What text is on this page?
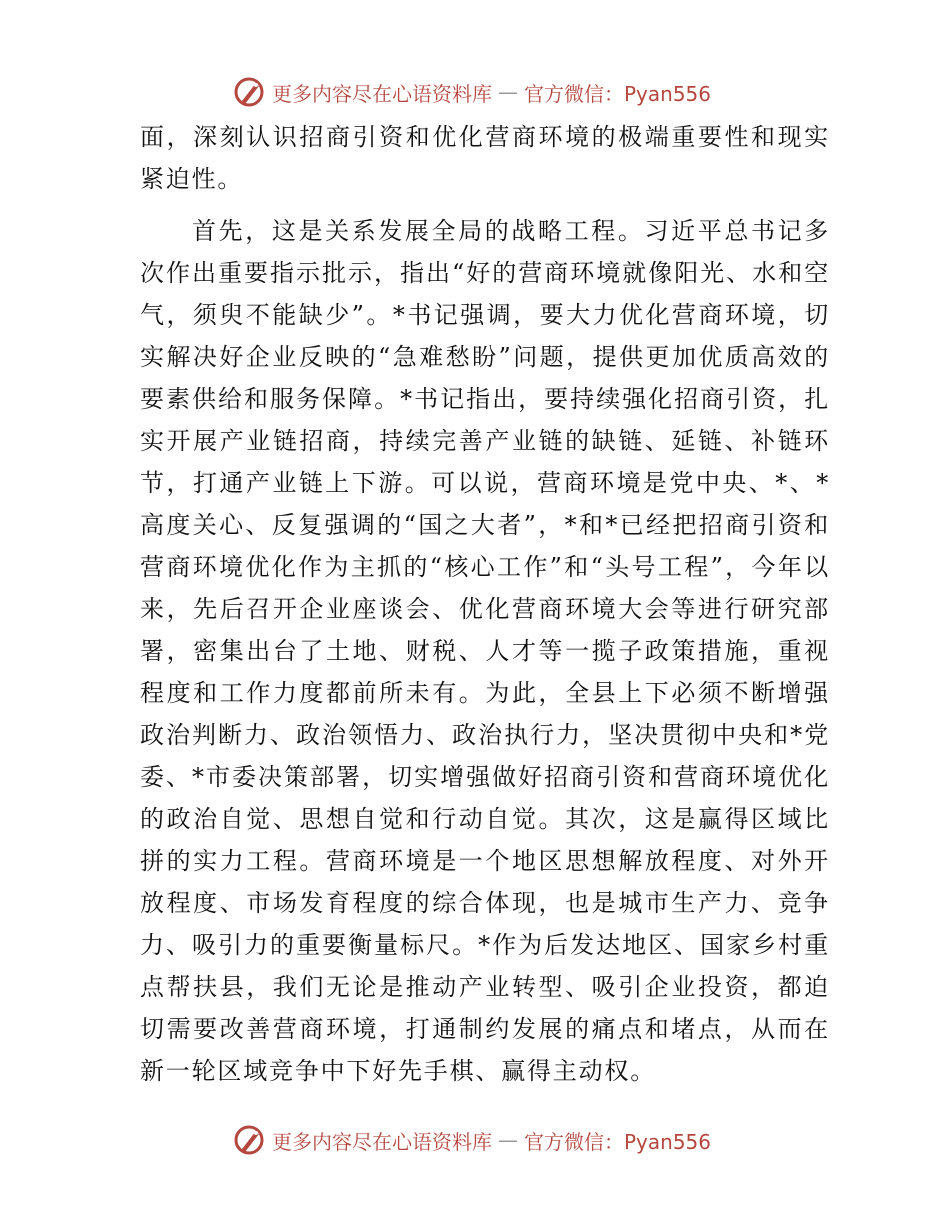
更多内容尽在心语资料库 — 官方微信：Pyan556

面，深刻认识招商引资和优化营商环境的极端重要性和现实紧迫性。

首先，这是关系发展全局的战略工程。习近平总书记多次作出重要指示批示，指出“好的营商环境就像阳光、水和空气，须臾不能缺少”。*书记强调，要大力优化营商环境，切实解决好企业反映的“急难愁盼”问题，提供更加优质高效的要素供给和服务保障。*书记指出，要持续强化招商引资，扎实开展产业链招商，持续完善产业链的缺链、延链、补链环节，打通产业链上下游。可以说，营商环境是党中央、*、*高度关心、反复强调的“国之大者”，*和*已经把招商引资和营商环境优化作为主抓的“核心工作”和“头号工程”，今年以来，先后召开企业座谈会、优化营商环境大会等进行研究部署，密集出台了土地、财税、人才等一揽子政策措施，重视程度和工作力度都前所未有。为此，全县上下必须不断增强政治判断力、政治领悟力、政治执行力，坚决贯彻中央和*党委、*市委决策部署，切实增强做好招商引资和营商环境优化的政治自觉、思想自觉和行动自觉。其次，这是赢得区域比拼的实力工程。营商环境是一个地区思想解放程度、对外开放程度、市场发育程度的综合体现，也是城市生产力、竞争力、吸引力的重要衡量标尺。*作为后发达地区、国家乡村重点帮扶县，我们无论是推动产业转型、吸引企业投资，都迫切需要改善营商环境，打通制约发展的痛点和堵点，从而在新一轮区域竞争中下好先手棋、赢得主动权。

更多内容尽在心语资料库 — 官方微信：Pyan556
